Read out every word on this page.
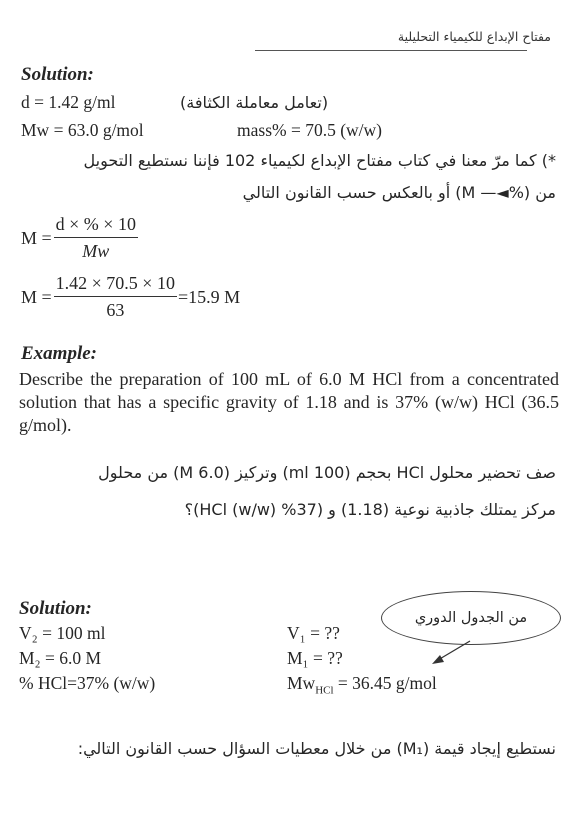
مفتاح الإبداع للكيمياء التحليلية
Solution:
d = 1.42 g/ml	(تعامل معاملة الكثافة)
Mw = 63.0 g/mol	mass% = 70.5 (w/w)
*) كما مرّ معنا في كتاب مفتاح الإبداع لكيمياء 102 فإننا نستطيع التحويل
من (%◄— M) أو بالعكس حسب القانون التالي
$M = \frac{d \times \% \times 10}{Mw}$
$M = \frac{1.42 \times 70.5 \times 10}{63} =15.9$ M
Example:
Describe the preparation of 100 mL of 6.0 M HCl from a concentrated solution that has a specific gravity of 1.18 and is 37% (w/w) HCl (36.5 g/mol).
صف تحضير محلول HCl بحجم (100 ml) وتركيز (6.0 M) من محلول
مركز يمتلك جاذبية نوعية (1.18) و (37% HCl (w/w))؟
من الجدول الدوري
Solution:
V₂ = 100 ml
M₂ = 6.0 M
% HCl=37% (w/w)
V₁ = ??
M₁ = ??
$Mw_{HCl} = 36.45$ g/mol
نستطيع إيجاد قيمة (M₁) من خلال معطيات السؤال حسب القانون التالي:
